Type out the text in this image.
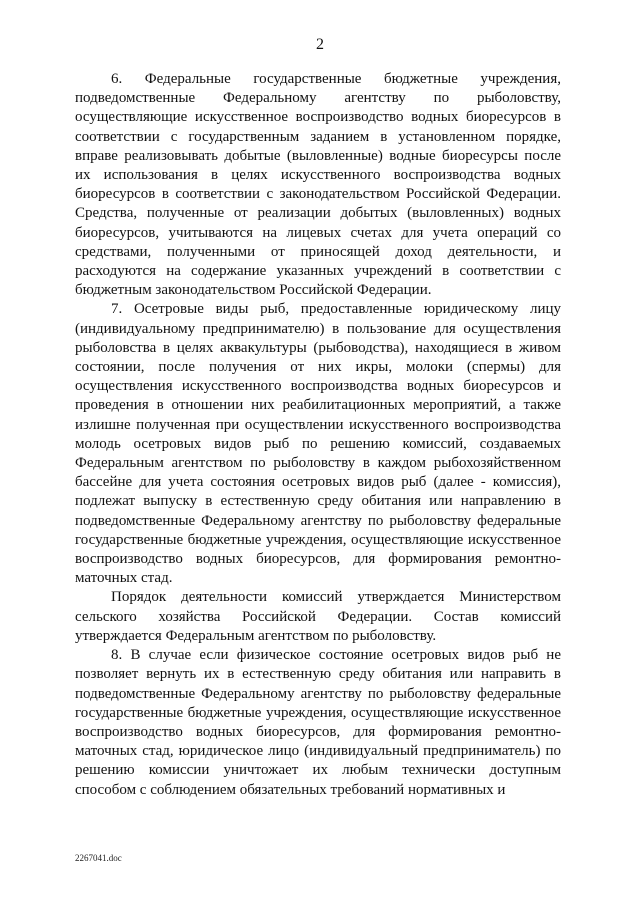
2

6. Федеральные государственные бюджетные учреждения, подведомственные Федеральному агентству по рыболовству, осуществляющие искусственное воспроизводство водных биоресурсов в соответствии с государственным заданием в установленном порядке, вправе реализовывать добытые (выловленные) водные биоресурсы после их использования в целях искусственного воспроизводства водных биоресурсов в соответствии с законодательством Российской Федерации. Средства, полученные от реализации добытых (выловленных) водных биоресурсов, учитываются на лицевых счетах для учета операций со средствами, полученными от приносящей доход деятельности, и расходуются на содержание указанных учреждений в соответствии с бюджетным законодательством Российской Федерации.

7. Осетровые виды рыб, предоставленные юридическому лицу (индивидуальному предпринимателю) в пользование для осуществления рыболовства в целях аквакультуры (рыбоводства), находящиеся в живом состоянии, после получения от них икры, молоки (спермы) для осуществления искусственного воспроизводства водных биоресурсов и проведения в отношении них реабилитационных мероприятий, а также излишне полученная при осуществлении искусственного воспроизводства молодь осетровых видов рыб по решению комиссий, создаваемых Федеральным агентством по рыболовству в каждом рыбохозяйственном бассейне для учета состояния осетровых видов рыб (далее - комиссия), подлежат выпуску в естественную среду обитания или направлению в подведомственные Федеральному агентству по рыболовству федеральные государственные бюджетные учреждения, осуществляющие искусственное воспроизводство водных биоресурсов, для формирования ремонтно-маточных стад.

Порядок деятельности комиссий утверждается Министерством сельского хозяйства Российской Федерации. Состав комиссий утверждается Федеральным агентством по рыболовству.

8. В случае если физическое состояние осетровых видов рыб не позволяет вернуть их в естественную среду обитания или направить в подведомственные Федеральному агентству по рыболовству федеральные государственные бюджетные учреждения, осуществляющие искусственное воспроизводство водных биоресурсов, для формирования ремонтно-маточных стад, юридическое лицо (индивидуальный предприниматель) по решению комиссии уничтожает их любым технически доступным способом с соблюдением обязательных требований нормативных и

2267041.doc
